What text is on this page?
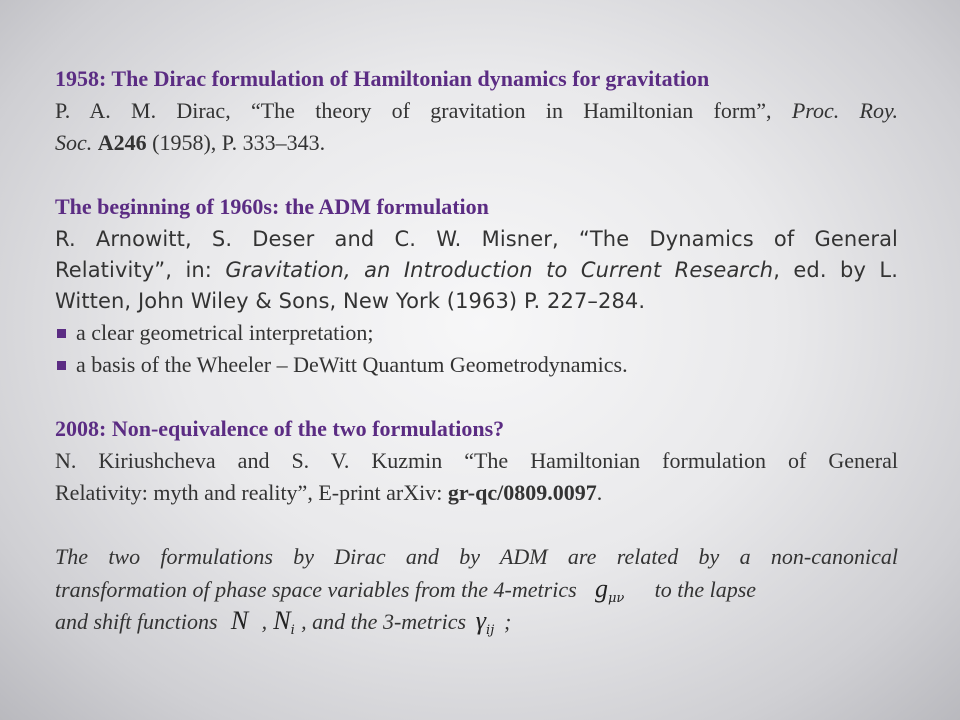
1958: The Dirac formulation of Hamiltonian dynamics for gravitation
P. A. M. Dirac, “The theory of gravitation in Hamiltonian form”, Proc. Roy.
Soc. A246 (1958), P. 333–343.
The beginning of 1960s: the ADM formulation
R. Arnowitt, S. Deser and C. W. Misner, “The Dynamics of General
Relativity”, in: Gravitation, an Introduction to Current Research, ed. by L.
Witten, John Wiley & Sons, New York (1963) P. 227–284.
a clear geometrical interpretation;
a basis of the Wheeler – DeWitt Quantum Geometrodynamics.
2008: Non-equivalence of the two formulations?
N. Kiriushcheva and S. V. Kuzmin “The Hamiltonian formulation of General
Relativity: myth and reality”, E-print arXiv: gr-qc/0809.0097.
The two formulations by Dirac and by ADM are related by a non-canonical
transformation of phase space variables from the 4-metrics $g_{\mu\nu}$ to the lapse
and shift functions N , $N_i$ , and the 3-metrics $\gamma_{ij}$ ;
